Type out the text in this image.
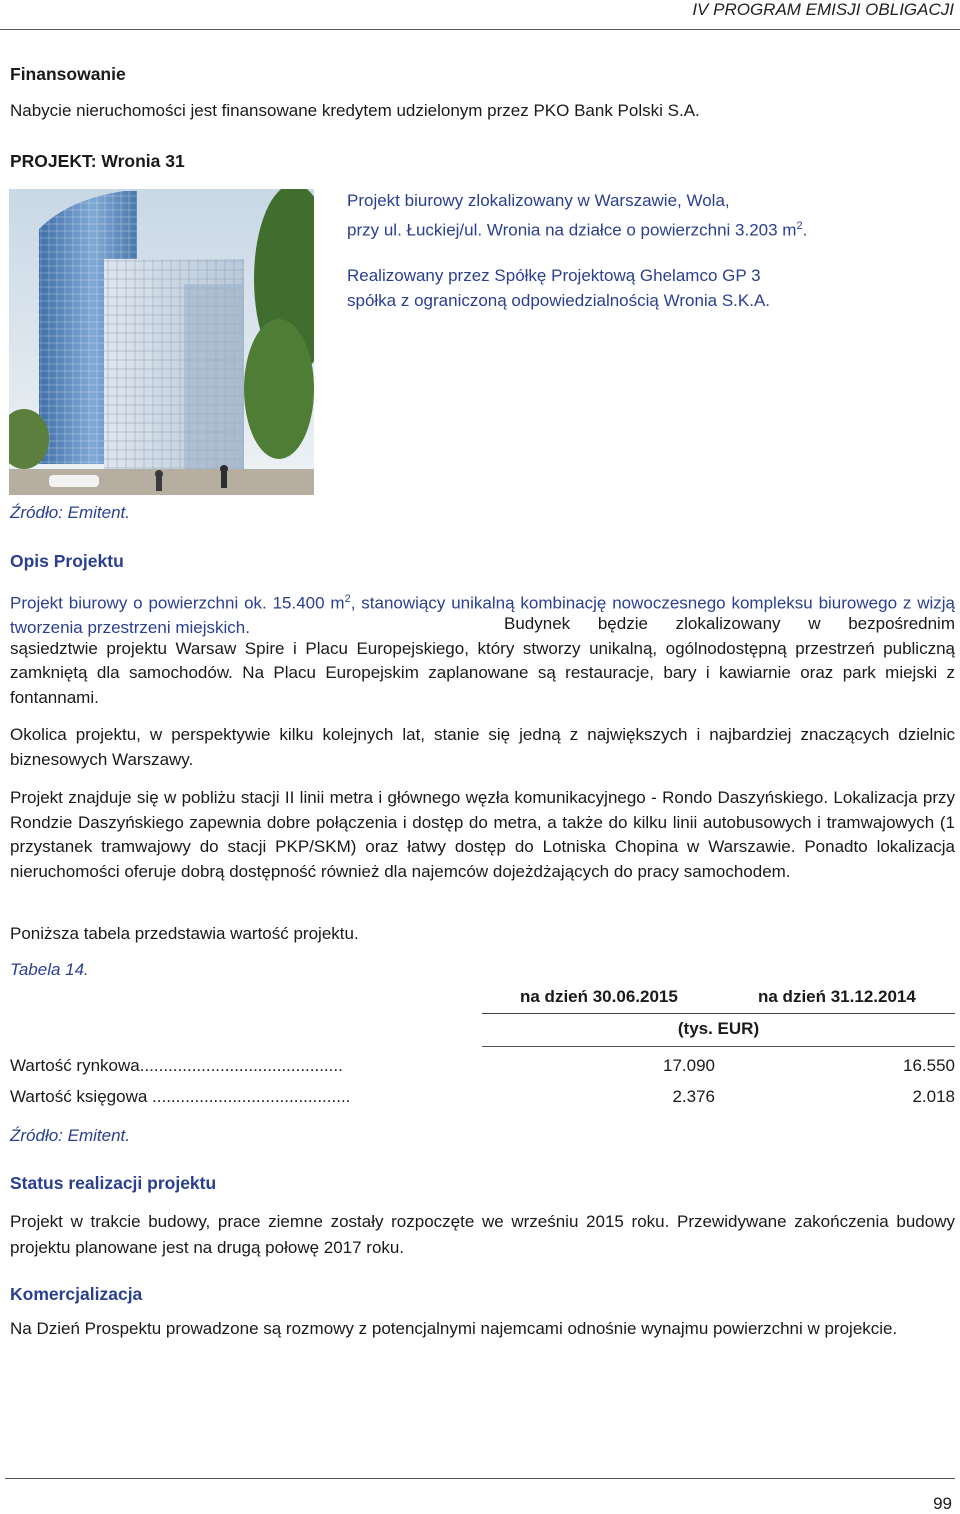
IV PROGRAM EMISJI OBLIGACJI
Finansowanie
Nabycie nieruchomości jest finansowane kredytem udzielonym przez PKO Bank Polski S.A.
PROJEKT: Wronia 31
Projekt biurowy zlokalizowany w Warszawie, Wola,
przy ul. Łuckiej/ul. Wronia na działce o powierzchni 3.203 $m^2$.
Realizowany przez Spółkę Projektową Ghelamco GP 3
spółka z ograniczoną odpowiedzialnością Wronia S.K.A.
Źródło: Emitent.
Opis Projektu
Projekt biurowy o powierzchni ok. 15.400 $m^2$, stanowiący unikalną kombinację nowoczesnego kompleksu biurowego z wizją tworzenia przestrzeni miejskich.	Budynek będzie zlokalizowany w bezpośrednim sąsiedztwie projektu Warsaw Spire i Placu Europejskiego, który stworzy unikalną, ogólnodostępną przestrzeń publiczną zamkniętą dla samochodów. Na Placu Europejskim zaplanowane są restauracje, bary i kawiarnie oraz park miejski z fontannami.
Okolica projektu, w perspektywie kilku kolejnych lat, stanie się jedną z największych i najbardziej znaczących dzielnic biznesowych Warszawy.
Projekt znajduje się w pobliżu stacji II linii metra i głównego węzła komunikacyjnego - Rondo Daszyńskiego. Lokalizacja przy Rondzie Daszyńskiego zapewnia dobre połączenia i dostęp do metra, a także do kilku linii autobusowych i tramwajowych (1 przystanek tramwajowy do stacji PKP/SKM) oraz łatwy dostęp do Lotniska Chopina w Warszawie. Ponadto lokalizacja nieruchomości oferuje dobrą dostępność również dla najemców dojeżdżających do pracy samochodem.
Poniższa tabela przedstawia wartość projektu.
Tabela 14.
na dzień 30.06.2015	na dzień 31.12.2014
(tys. EUR)
Wartość rynkowa...........................................	17.090	16.550
Wartość księgowa ..........................................	2.376	2.018
Źródło: Emitent.
Status realizacji projektu
Projekt w trakcie budowy, prace ziemne zostały rozpoczęte we wrześniu 2015 roku. Przewidywane zakończenia budowy projektu planowane jest na drugą połowę 2017 roku.
Komercjalizacja
Na Dzień Prospektu prowadzone są rozmowy z potencjalnymi najemcami odnośnie wynajmu powierzchni w projekcie.
99
